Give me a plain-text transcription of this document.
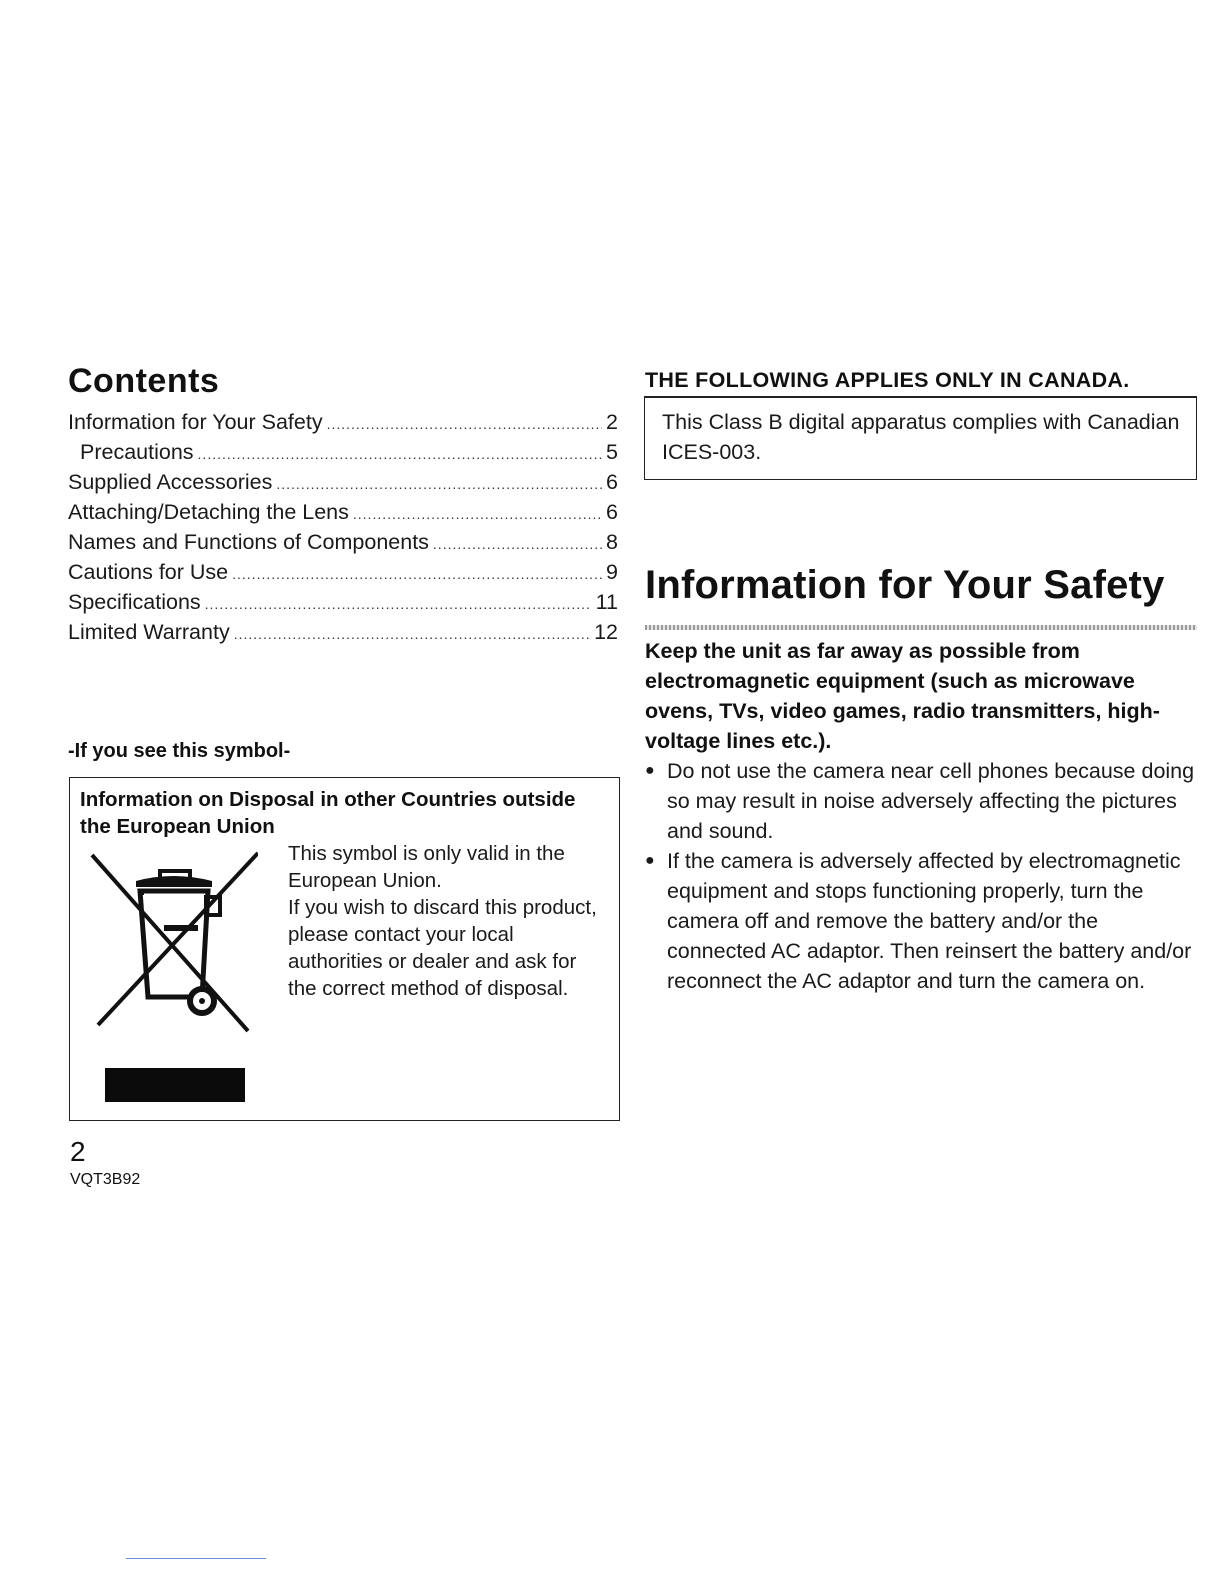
Contents
Information for Your Safety .....	2
Precautions .....	5
Supplied Accessories .....	6
Attaching/Detaching the Lens .....	6
Names and Functions of Components .....	8
Cautions for Use .....	9
Specifications .....	11
Limited Warranty .....	12
-If you see this symbol-
Information on Disposal in other Countries outside the European Union
This symbol is only valid in the European Union.
If you wish to discard this product, please contact your local authorities or dealer and ask for the correct method of disposal.
2
VQT3B92
THE FOLLOWING APPLIES ONLY IN CANADA.
This Class B digital apparatus complies with Canadian ICES-003.
Information for Your Safety
Keep the unit as far away as possible from electromagnetic equipment (such as microwave ovens, TVs, video games, radio transmitters, high-voltage lines etc.).
● Do not use the camera near cell phones because doing so may result in noise adversely affecting the pictures and sound.
● If the camera is adversely affected by electromagnetic equipment and stops functioning properly, turn the camera off and remove the battery and/or the connected AC adaptor. Then reinsert the battery and/or reconnect the AC adaptor and turn the camera on.
